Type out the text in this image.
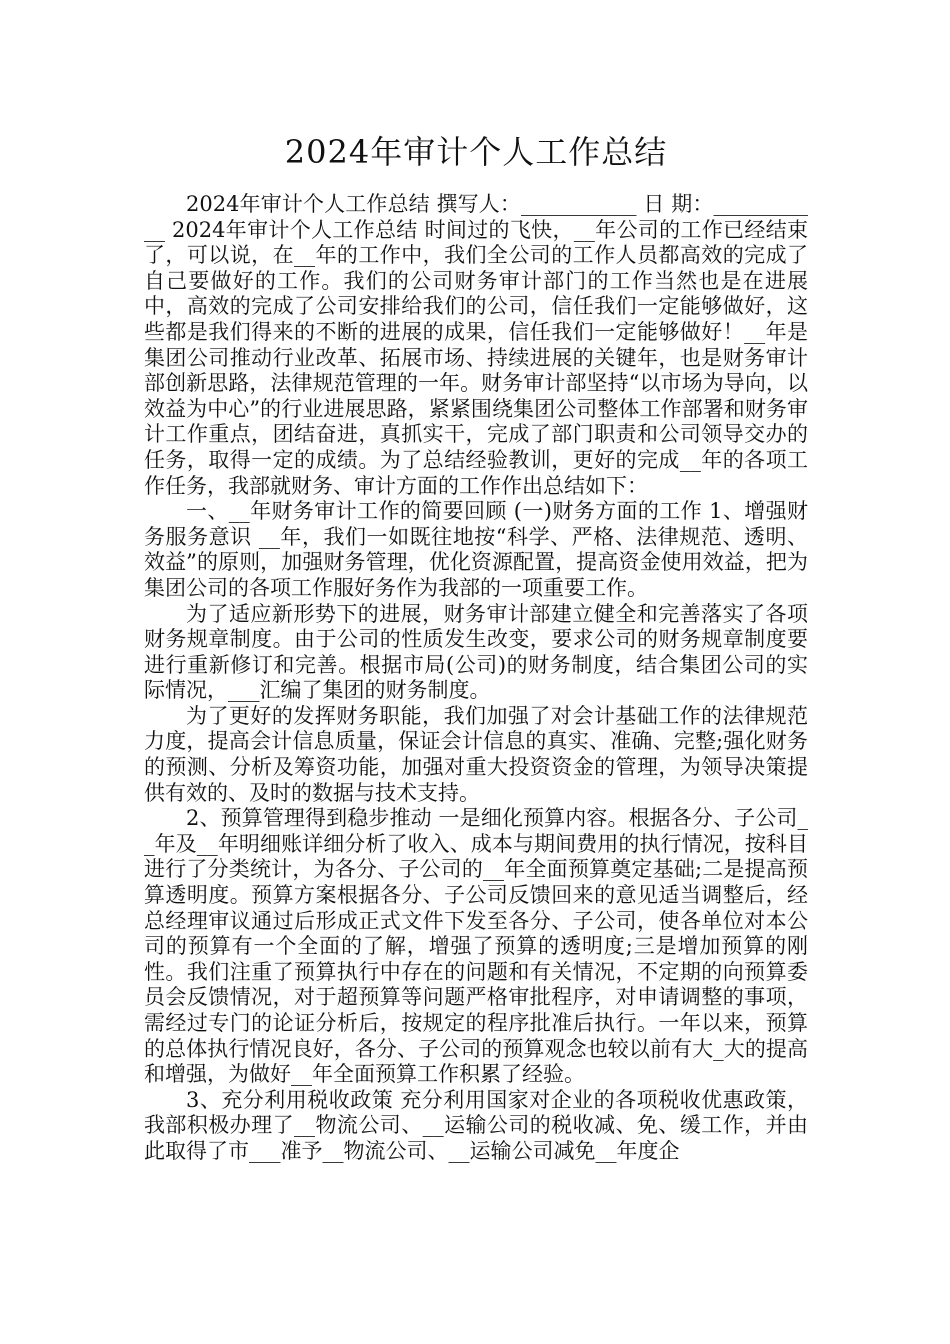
2024年审计个人工作总结

2024年审计个人工作总结 撰写人：___________ 日 期：___________ 2024年审计个人工作总结 时间过的飞快，__年公司的工作已经结束了，可以说，在__年的工作中，我们全公司的工作人员都高效的完成了自己要做好的工作。我们的公司财务审计部门的工作当然也是在进展中，高效的完成了公司安排给我们的公司，信任我们一定能够做好，这些都是我们得来的不断的进展的成果，信任我们一定能够做好！__年是集团公司推动行业改革、拓展市场、持续进展的关键年，也是财务审计部创新思路，法律规范管理的一年。财务审计部坚持“以市场为导向，以效益为中心”的行业进展思路，紧紧围绕集团公司整体工作部署和财务审计工作重点，团结奋进，真抓实干，完成了部门职责和公司领导交办的任务，取得一定的成绩。为了总结经验教训，更好的完成__年的各项工作任务，我部就财务、审计方面的工作作出总结如下：

一、__年财务审计工作的简要回顾 (一)财务方面的工作 1、增强财务服务意识 __年，我们一如既往地按“科学、严格、法律规范、透明、效益”的原则，加强财务管理，优化资源配置，提高资金使用效益，把为集团公司的各项工作服好务作为我部的一项重要工作。

为了适应新形势下的进展，财务审计部建立健全和完善落实了各项财务规章制度。由于公司的性质发生改变，要求公司的财务规章制度要进行重新修订和完善。根据市局(公司)的财务制度，结合集团公司的实际情况，___汇编了集团的财务制度。

为了更好的发挥财务职能，我们加强了对会计基础工作的法律规范力度，提高会计信息质量，保证会计信息的真实、准确、完整;强化财务的预测、分析及筹资功能，加强对重大投资资金的管理，为领导决策提供有效的、及时的数据与技术支持。

2、预算管理得到稳步推动 一是细化预算内容。根据各分、子公司__年及__年明细账详细分析了收入、成本与期间费用的执行情况，按科目进行了分类统计，为各分、子公司的__年全面预算奠定基础;二是提高预算透明度。预算方案根据各分、子公司反馈回来的意见适当调整后，经总经理审议通过后形成正式文件下发至各分、子公司，使各单位对本公司的预算有一个全面的了解，增强了预算的透明度;三是增加预算的刚性。我们注重了预算执行中存在的问题和有关情况，不定期的向预算委员会反馈情况，对于超预算等问题严格审批程序，对申请调整的事项，需经过专门的论证分析后，按规定的程序批准后执行。一年以来，预算的总体执行情况良好，各分、子公司的预算观念也较以前有大_大的提高和增强，为做好__年全面预算工作积累了经验。

3、充分利用税收政策 充分利用国家对企业的各项税收优惠政策，我部积极办理了__物流公司、__运输公司的税收减、免、缓工作，并由此取得了市___准予__物流公司、__运输公司减免__年度企
